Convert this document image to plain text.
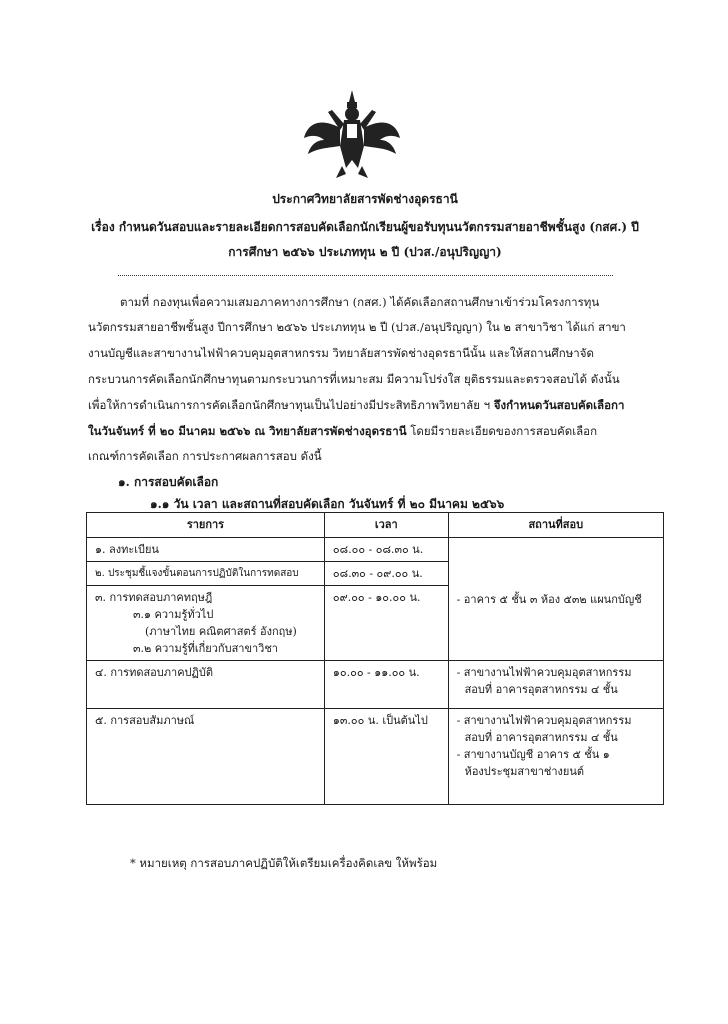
ประกาศวิทยาลัยสารพัดช่างอุดรธานี
เรื่อง กำหนดวันสอบและรายละเอียดการสอบคัดเลือกนักเรียนผู้ขอรับทุนนวัตกรรมสายอาชีพชั้นสูง (กสศ.) ปี
การศึกษา ๒๕๖๖ ประเภททุน ๒ ปี (ปวส./อนุปริญญา)
ตามที่ กองทุนเพื่อความเสมอภาคทางการศึกษา (กสศ.) ได้คัดเลือกสถานศึกษาเข้าร่วมโครงการทุน
นวัตกรรมสายอาชีพชั้นสูง ปีการศึกษา ๒๕๖๖ ประเภททุน ๒ ปี (ปวส./อนุปริญญา) ใน ๒ สาขาวิชา ได้แก่ สาขา
งานบัญชีและสาขางานไฟฟ้าควบคุมอุตสาหกรรม วิทยาลัยสารพัดช่างอุดรธานีนั้น และให้สถานศึกษาจัด
กระบวนการคัดเลือกนักศึกษาทุนตามกระบวนการที่เหมาะสม มีความโปร่งใส ยุติธรรมและตรวจสอบได้ ดังนั้น
เพื่อให้การดำเนินการการคัดเลือกนักศึกษาทุนเป็นไปอย่างมีประสิทธิภาพวิทยาลัย ฯ จึงกำหนดวันสอบคัดเลือกา
ในวันจันทร์ ที่ ๒๐ มีนาคม ๒๕๖๖ ณ วิทยาลัยสารพัดช่างอุดรธานี โดยมีรายละเอียดของการสอบคัดเลือก
เกณฑ์การคัดเลือก การประกาศผลการสอบ ดังนี้
๑. การสอบคัดเลือก
๑.๑ วัน เวลา และสถานที่สอบคัดเลือก วันจันทร์ ที่ ๒๐ มีนาคม ๒๕๖๖
รายการ	เวลา	สถานที่สอบ
๑. ลงทะเบียน	๐๘.๐๐ - ๐๘.๓๐ น.	- อาคาร ๕ ชั้น ๓ ห้อง ๕๓๒ แผนกบัญชี
๒. ประชุมชี้แจงขั้นตอนการปฏิบัติในการทดสอบ	๐๘.๓๐ - ๐๙.๐๐ น.	
๓. การทดสอบภาคทฤษฎี
๓.๑ ความรู้ทั่วไป
(ภาษาไทย คณิตศาสตร์ อังกฤษ)
๓.๒ ความรู้ที่เกี่ยวกับสาขาวิชา	๐๙.๐๐ - ๑๐.๐๐ น.	
๔. การทดสอบภาคปฏิบัติ	๑๐.๐๐ - ๑๑.๐๐ น.	- สาขางานไฟฟ้าควบคุมอุตสาหกรรม
สอบที่ อาคารอุตสาหกรรม ๔ ชั้น

๕. การสอบสัมภาษณ์	๑๓.๐๐ น. เป็นต้นไป	- สาขางานไฟฟ้าควบคุมอุตสาหกรรม
สอบที่ อาคารอุตสาหกรรม ๔ ชั้น
- สาขางานบัญชี อาคาร ๕ ชั้น ๑
ห้องประชุมสาขาช่างยนต์
* หมายเหตุ การสอบภาคปฏิบัติให้เตรียมเครื่องคิดเลข ให้พร้อม
